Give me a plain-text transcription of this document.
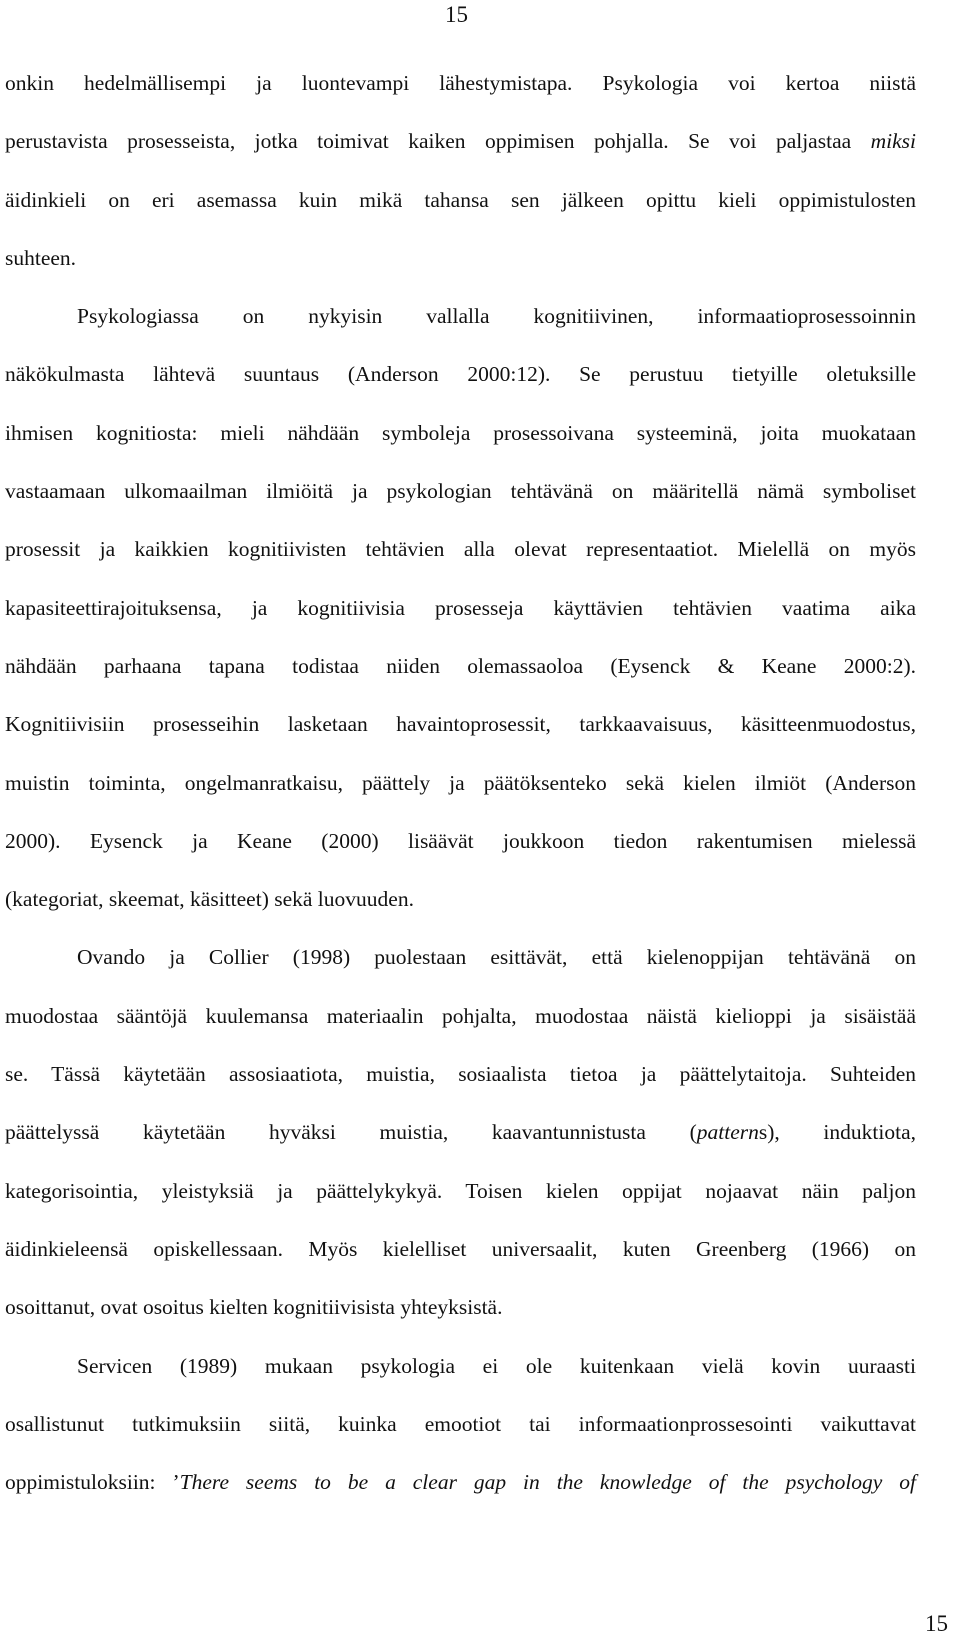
15
onkin hedelmällisempi ja luontevampi lähestymistapa. Psykologia voi kertoa niistä
perustavista prosesseista, jotka toimivat kaiken oppimisen pohjalla. Se voi paljastaa miksi
äidinkieli on eri asemassa kuin mikä tahansa sen jälkeen opittu kieli oppimistulosten
suhteen.
Psykologiassa on nykyisin vallalla kognitiivinen, informaatioprosessoinnin
näkökulmasta lähtevä suuntaus (Anderson 2000:12). Se perustuu tietyille oletuksille
ihmisen kognitiosta: mieli nähdään symboleja prosessoivana systeeminä, joita muokataan
vastaamaan ulkomaailman ilmiöitä ja psykologian tehtävänä on määritellä nämä symboliset
prosessit ja kaikkien kognitiivisten tehtävien alla olevat representaatiot. Mielellä on myös
kapasiteettirajoituksensa, ja kognitiivisia prosesseja käyttävien tehtävien vaatima aika
nähdään parhaana tapana todistaa niiden olemassaoloa (Eysenck & Keane 2000:2).
Kognitiivisiin prosesseihin lasketaan havaintoprosessit, tarkkaavaisuus, käsitteenmuodostus,
muistin toiminta, ongelmanratkaisu, päättely ja päätöksenteko sekä kielen ilmiöt (Anderson
2000). Eysenck ja Keane (2000) lisäävät joukkoon tiedon rakentumisen mielessä
(kategoriat, skeemat, käsitteet) sekä luovuuden.
Ovando ja Collier (1998) puolestaan esittävät, että kielenoppijan tehtävänä on
muodostaa sääntöjä kuulemansa materiaalin pohjalta, muodostaa näistä kielioppi ja sisäistää
se. Tässä käytetään assosiaatiota, muistia, sosiaalista tietoa ja päättelytaitoja. Suhteiden
päättelyssä käytetään hyväksi muistia, kaavantunnistusta (patterns), induktiota,
kategorisointia, yleistyksiä ja päättelykykyä. Toisen kielen oppijat nojaavat näin paljon
äidinkieleensä opiskellessaan. Myös kielelliset universaalit, kuten Greenberg (1966) on
osoittanut, ovat osoitus kielten kognitiivisista yhteyksistä.
Servicen (1989) mukaan psykologia ei ole kuitenkaan vielä kovin uuraasti
osallistunut tutkimuksiin siitä, kuinka emootiot tai informaationprossesointi vaikuttavat
oppimistuloksiin: ’There seems to be a clear gap in the knowledge of the psychology of
15
